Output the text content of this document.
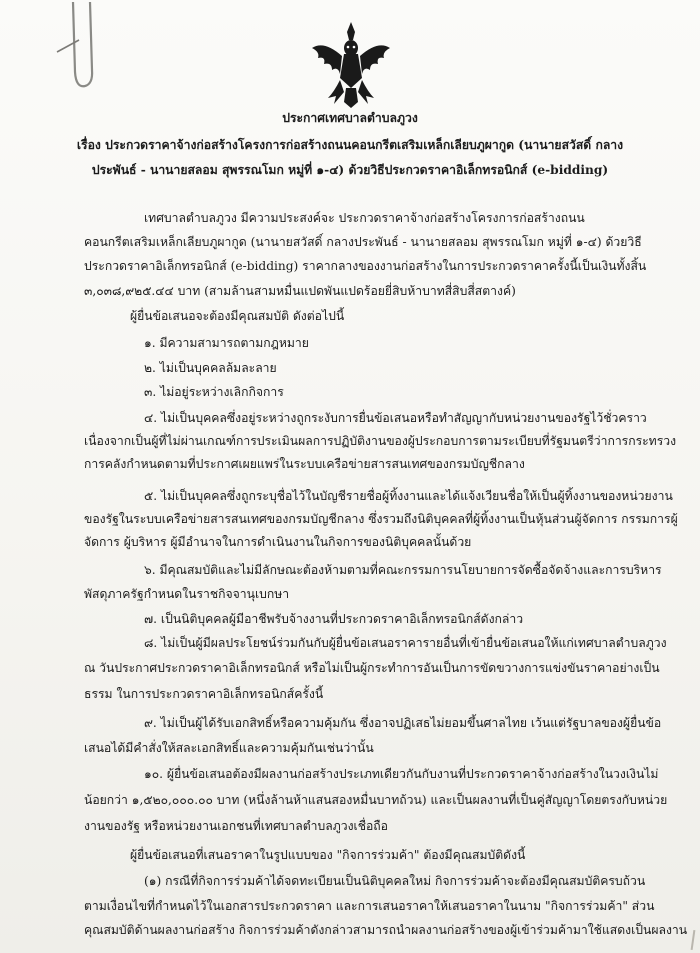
ประกาศเทศบาลตำบลภูวง
เรื่อง ประกวดราคาจ้างก่อสร้างโครงการก่อสร้างถนนคอนกรีตเสริมเหล็กเลียบภูผากูด (นานายสวัสดิ์ กลาง
ประพันธ์ - นานายสลอม สุพรรณโมก หมู่ที่ ๑-๔) ด้วยวิธีประกวดราคาอิเล็กทรอนิกส์ (e-bidding)
เทศบาลตำบลภูวง มีความประสงค์จะ ประกวดราคาจ้างก่อสร้างโครงการก่อสร้างถนน
คอนกรีตเสริมเหล็กเลียบภูผากูด (นานายสวัสดิ์ กลางประพันธ์ - นานายสลอม สุพรรณโมก หมู่ที่ ๑-๔) ด้วยวิธี
ประกวดราคาอิเล็กทรอนิกส์ (e-bidding) ราคากลางของงานก่อสร้างในการประกวดราคาครั้งนี้เป็นเงินทั้งสิ้น
๓,๐๓๘,๙๒๕.๔๔ บาท (สามล้านสามหมื่นแปดพันแปดร้อยยี่สิบห้าบาทสี่สิบสี่สตางค์)
ผู้ยื่นข้อเสนอจะต้องมีคุณสมบัติ ดังต่อไปนี้
๑. มีความสามารถตามกฎหมาย
๒. ไม่เป็นบุคคลล้มละลาย
๓. ไม่อยู่ระหว่างเลิกกิจการ
๔. ไม่เป็นบุคคลซึ่งอยู่ระหว่างถูกระงับการยื่นข้อเสนอหรือทำสัญญากับหน่วยงานของรัฐไว้ชั่วคราว
เนื่องจากเป็นผู้ที่ไม่ผ่านเกณฑ์การประเมินผลการปฏิบัติงานของผู้ประกอบการตามระเบียบที่รัฐมนตรีว่าการกระทรวง
การคลังกำหนดตามที่ประกาศเผยแพร่ในระบบเครือข่ายสารสนเทศของกรมบัญชีกลาง
๕. ไม่เป็นบุคคลซึ่งถูกระบุชื่อไว้ในบัญชีรายชื่อผู้ทิ้งงานและได้แจ้งเวียนชื่อให้เป็นผู้ทิ้งงานของหน่วยงาน
ของรัฐในระบบเครือข่ายสารสนเทศของกรมบัญชีกลาง ซึ่งรวมถึงนิติบุคคลที่ผู้ทิ้งงานเป็นหุ้นส่วนผู้จัดการ กรรมการผู้
จัดการ ผู้บริหาร ผู้มีอำนาจในการดำเนินงานในกิจการของนิติบุคคลนั้นด้วย
๖. มีคุณสมบัติและไม่มีลักษณะต้องห้ามตามที่คณะกรรมการนโยบายการจัดซื้อจัดจ้างและการบริหาร
พัสดุภาครัฐกำหนดในราชกิจจานุเบกษา
๗. เป็นนิติบุคคลผู้มีอาชีพรับจ้างงานที่ประกวดราคาอิเล็กทรอนิกส์ดังกล่าว
๘. ไม่เป็นผู้มีผลประโยชน์ร่วมกันกับผู้ยื่นข้อเสนอราคารายอื่นที่เข้ายื่นข้อเสนอให้แก่เทศบาลตำบลภูวง
ณ วันประกาศประกวดราคาอิเล็กทรอนิกส์ หรือไม่เป็นผู้กระทำการอันเป็นการขัดขวางการแข่งขันราคาอย่างเป็น
ธรรม ในการประกวดราคาอิเล็กทรอนิกส์ครั้งนี้
๙. ไม่เป็นผู้ได้รับเอกสิทธิ์หรือความคุ้มกัน ซึ่งอาจปฏิเสธไม่ยอมขึ้นศาลไทย เว้นแต่รัฐบาลของผู้ยื่นข้อ
เสนอได้มีคำสั่งให้สละเอกสิทธิ์และความคุ้มกันเช่นว่านั้น
๑๐. ผู้ยื่นข้อเสนอต้องมีผลงานก่อสร้างประเภทเดียวกันกับงานที่ประกวดราคาจ้างก่อสร้างในวงเงินไม่
น้อยกว่า ๑,๕๒๐,๐๐๐.๐๐ บาท (หนึ่งล้านห้าแสนสองหมื่นบาทถ้วน) และเป็นผลงานที่เป็นคู่สัญญาโดยตรงกับหน่วย
งานของรัฐ หรือหน่วยงานเอกชนที่เทศบาลตำบลภูวงเชื่อถือ
ผู้ยื่นข้อเสนอที่เสนอราคาในรูปแบบของ "กิจการร่วมค้า" ต้องมีคุณสมบัติดังนี้
(๑) กรณีที่กิจการร่วมค้าได้จดทะเบียนเป็นนิติบุคคลใหม่ กิจการร่วมค้าจะต้องมีคุณสมบัติครบถ้วน
ตามเงื่อนไขที่กำหนดไว้ในเอกสารประกวดราคา และการเสนอราคาให้เสนอราคาในนาม "กิจการร่วมค้า" ส่วน
คุณสมบัติด้านผลงานก่อสร้าง กิจการร่วมค้าดังกล่าวสามารถนำผลงานก่อสร้างของผู้เข้าร่วมค้ามาใช้แสดงเป็นผลงาน
